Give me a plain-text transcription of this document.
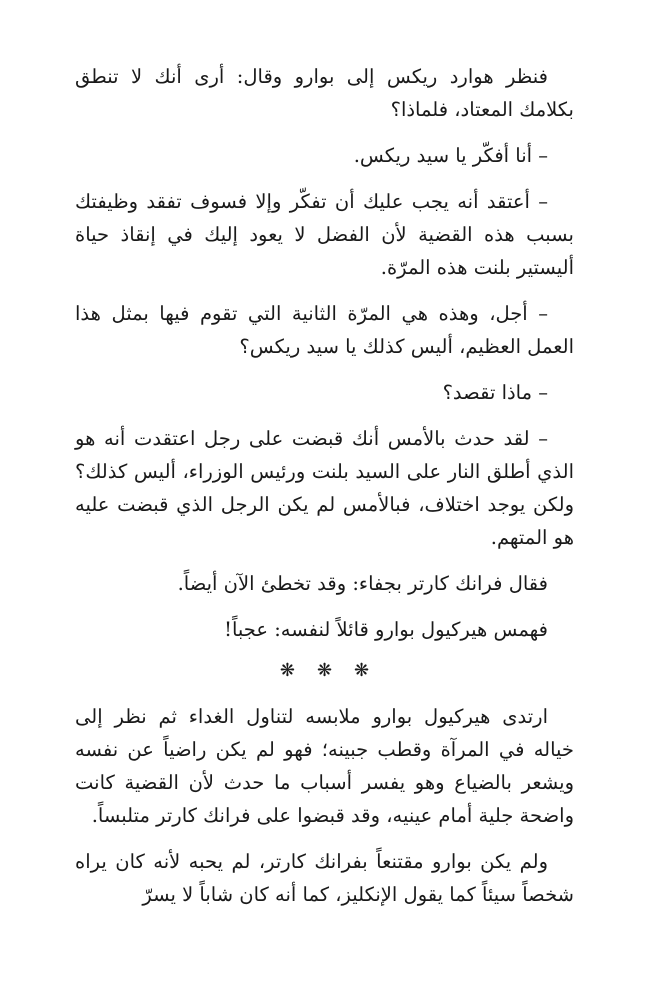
فنظر هوارد ريكس إلى بوارو وقال: أرى أنك لا تنطق بكلامك المعتاد، فلماذا؟

– أنا أفكّر يا سيد ريكس.

– أعتقد أنه يجب عليك أن تفكّر وإلا فسوف تفقد وظيفتك بسبب هذه القضية لأن الفضل لا يعود إليك في إنقاذ حياة أليستير بلنت هذه المرّة.

– أجل، وهذه هي المرّة الثانية التي تقوم فيها بمثل هذا العمل العظيم، أليس كذلك يا سيد ريكس؟

– ماذا تقصد؟

– لقد حدث بالأمس أنك قبضت على رجل اعتقدت أنه هو الذي أطلق النار على السيد بلنت ورئيس الوزراء، أليس كذلك؟ ولكن يوجد اختلاف، فبالأمس لم يكن الرجل الذي قبضت عليه هو المتهم.

فقال فرانك كارتر بجفاء: وقد تخطئ الآن أيضاً.

فهمس هيركيول بوارو قائلاً لنفسه: عجباً!

❋❋❋

ارتدى هيركيول بوارو ملابسه لتناول الغداء ثم نظر إلى خياله في المرآة وقطب جبينه؛ فهو لم يكن راضياً عن نفسه ويشعر بالضياع وهو يفسر أسباب ما حدث لأن القضية كانت واضحة جلية أمام عينيه، وقد قبضوا على فرانك كارتر متلبساً.

ولم يكن بوارو مقتنعاً بفرانك كارتر، لم يحبه لأنه كان يراه شخصاً سيئاً كما يقول الإنكليز، كما أنه كان شاباً لا يسرّ
